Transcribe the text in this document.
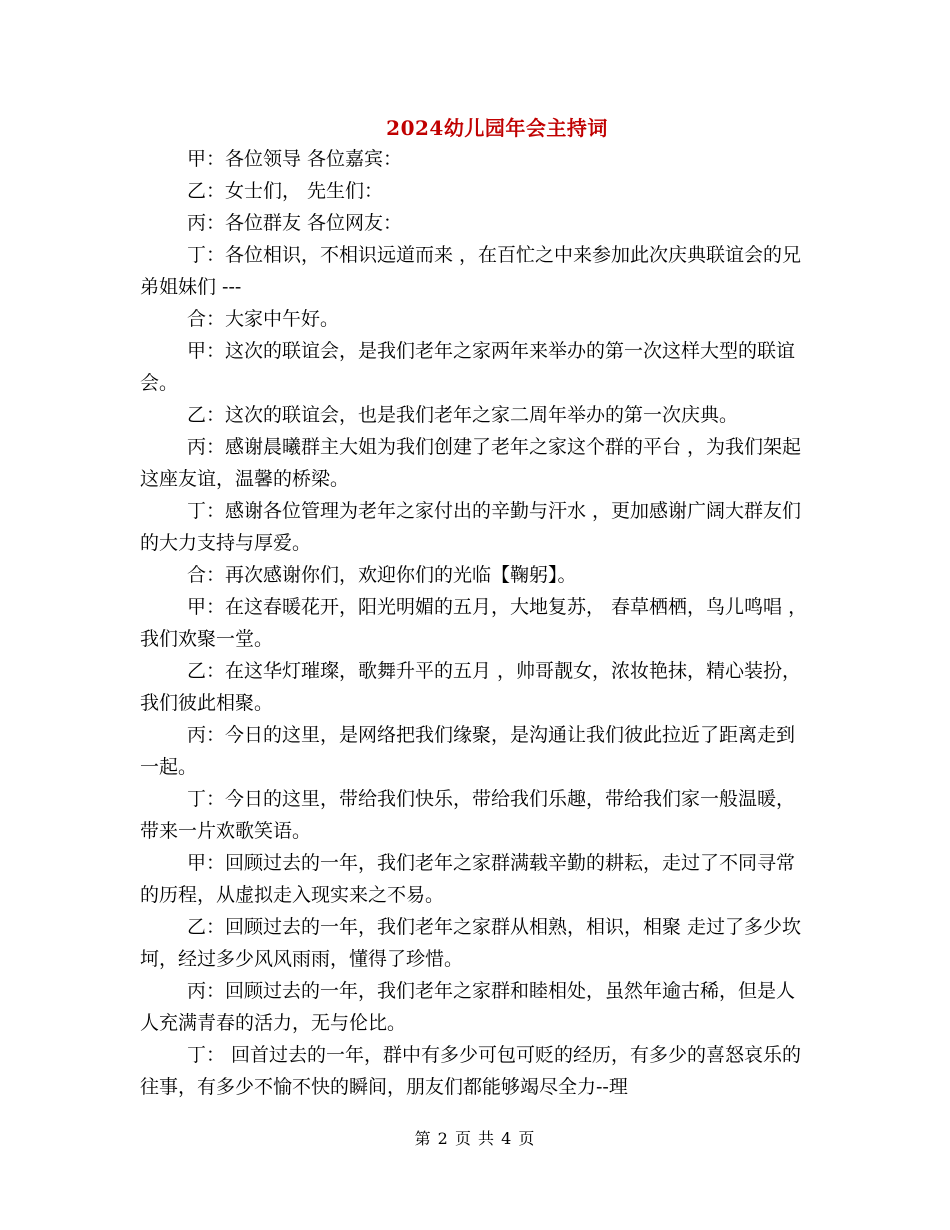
2024幼儿园年会主持词

甲：各位领导 各位嘉宾：

乙：女士们， 先生们：

丙：各位群友 各位网友：

丁：各位相识，不相识远道而来 ，在百忙之中来参加此次庆典联谊会的兄弟姐妹们 ---

合：大家中午好。

甲：这次的联谊会，是我们老年之家两年来举办的第一次这样大型的联谊会。

乙：这次的联谊会，也是我们老年之家二周年举办的第一次庆典。

丙：感谢晨曦群主大姐为我们创建了老年之家这个群的平台 ，为我们架起这座友谊，温馨的桥梁。

丁：感谢各位管理为老年之家付出的辛勤与汗水 ，更加感谢广阔大群友们的大力支持与厚爱。

合：再次感谢你们，欢迎你们的光临【鞠躬】。

甲：在这春暖花开，阳光明媚的五月，大地复苏， 春草栖栖，鸟儿鸣唱 ，我们欢聚一堂。

乙：在这华灯璀璨，歌舞升平的五月 ，帅哥靓女，浓妆艳抹，精心装扮， 我们彼此相聚。

丙：今日的这里，是网络把我们缘聚，是沟通让我们彼此拉近了距离走到一起。

丁：今日的这里，带给我们快乐，带给我们乐趣，带给我们家一般温暖，带来一片欢歌笑语。

甲：回顾过去的一年，我们老年之家群满载辛勤的耕耘，走过了不同寻常的历程，从虚拟走入现实来之不易。

乙：回顾过去的一年，我们老年之家群从相熟，相识，相聚 走过了多少坎坷，经过多少风风雨雨，懂得了珍惜。

丙：回顾过去的一年，我们老年之家群和睦相处，虽然年逾古稀，但是人人充满青春的活力，无与伦比。

丁： 回首过去的一年，群中有多少可包可贬的经历，有多少的喜怒哀乐的往事，有多少不愉不快的瞬间，朋友们都能够竭尽全力--理

第 2 页 共 4 页
